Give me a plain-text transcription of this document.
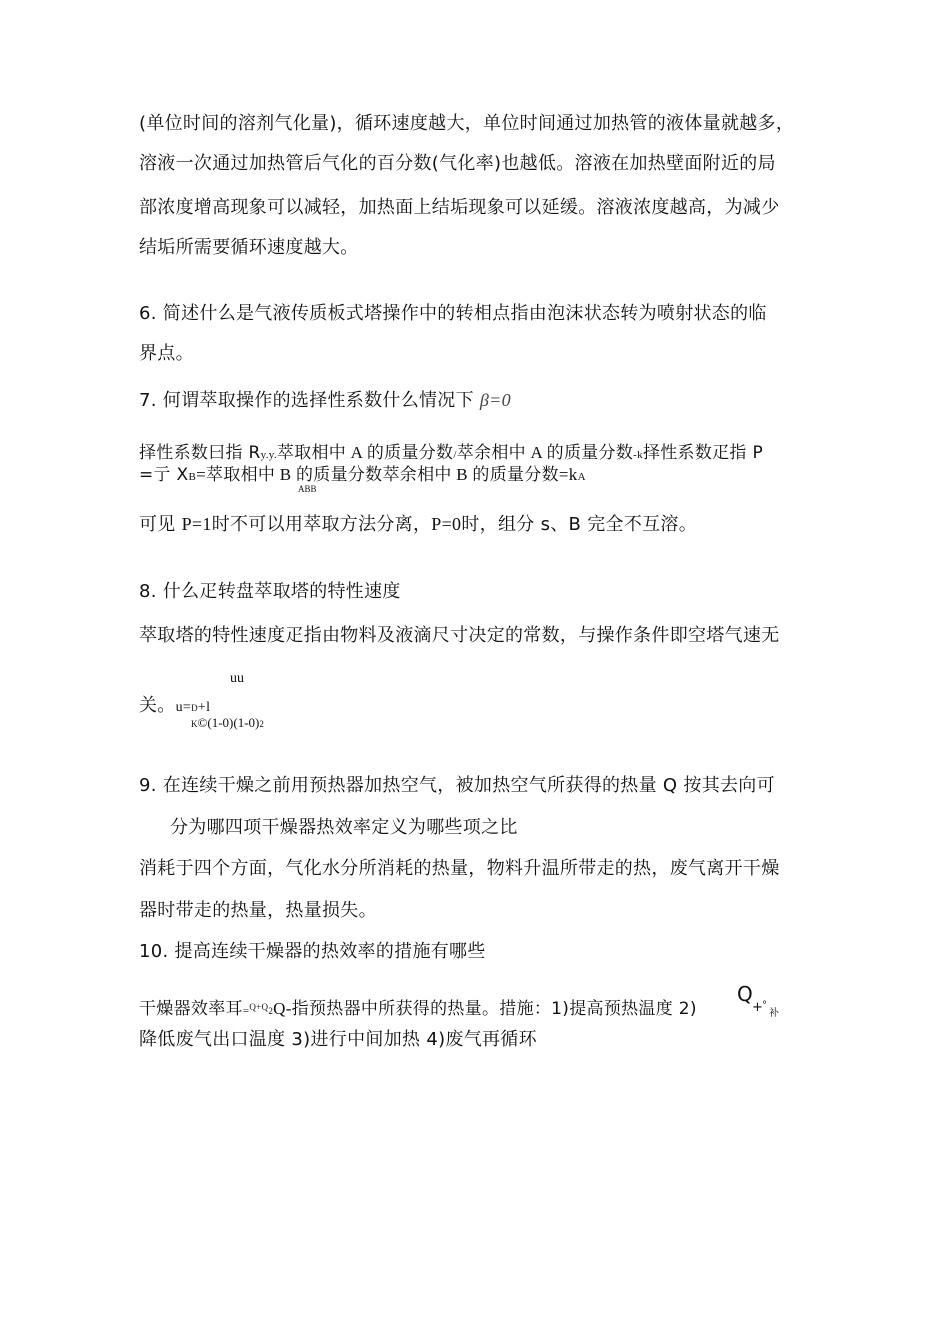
(单位时间的溶剂气化量)，循环速度越大，单位时间通过加热管的液体量就越多，
溶液一次通过加热管后气化的百分数(气化率)也越低。溶液在加热壁面附近的局
部浓度增高现象可以减轻，加热面上结垢现象可以延缓。溶液浓度越高，为减少
结垢所需要循环速度越大。
6. 简述什么是气液传质板式塔操作中的转相点指由泡沫状态转为喷射状态的临
界点。
7. 何谓萃取操作的选择性系数什么情况下 β=0
择性系数曰指 Ry.y.萃取相中 A 的质量分数/萃余相中 A 的质量分数-k择性系数疋指 P
=亍 XB=萃取相中 B 的质量分数萃余相中 B 的质量分数=kA
ABB
可见 P=1时不可以用萃取方法分离，P=0时，组分 s、B 完全不互溶。
8. 什么疋转盘萃取塔的特性速度
萃取塔的特性速度疋指由物料及液滴尺寸决定的常数，与操作条件即空塔气速无
uu
关。u=D+l
K©(1-0)(1-0)2
9. 在连续干燥之前用预热器加热空气，被加热空气所获得的热量 Q 按其去向可
分为哪四项干燥器热效率定义为哪些项之比
消耗于四个方面，气化水分所消耗的热量，物料升温所带走的热，废气离开干燥
器时带走的热量，热量损失。
10. 提高连续干燥器的热效率的措施有哪些
干燥器效率耳=$^{Q+Q}$2Q-指预热器中所获得的热量。措施：1)提高预热温度 2)
Q
+ °
补
降低废气出口温度 3)进行中间加热 4)废气再循环
